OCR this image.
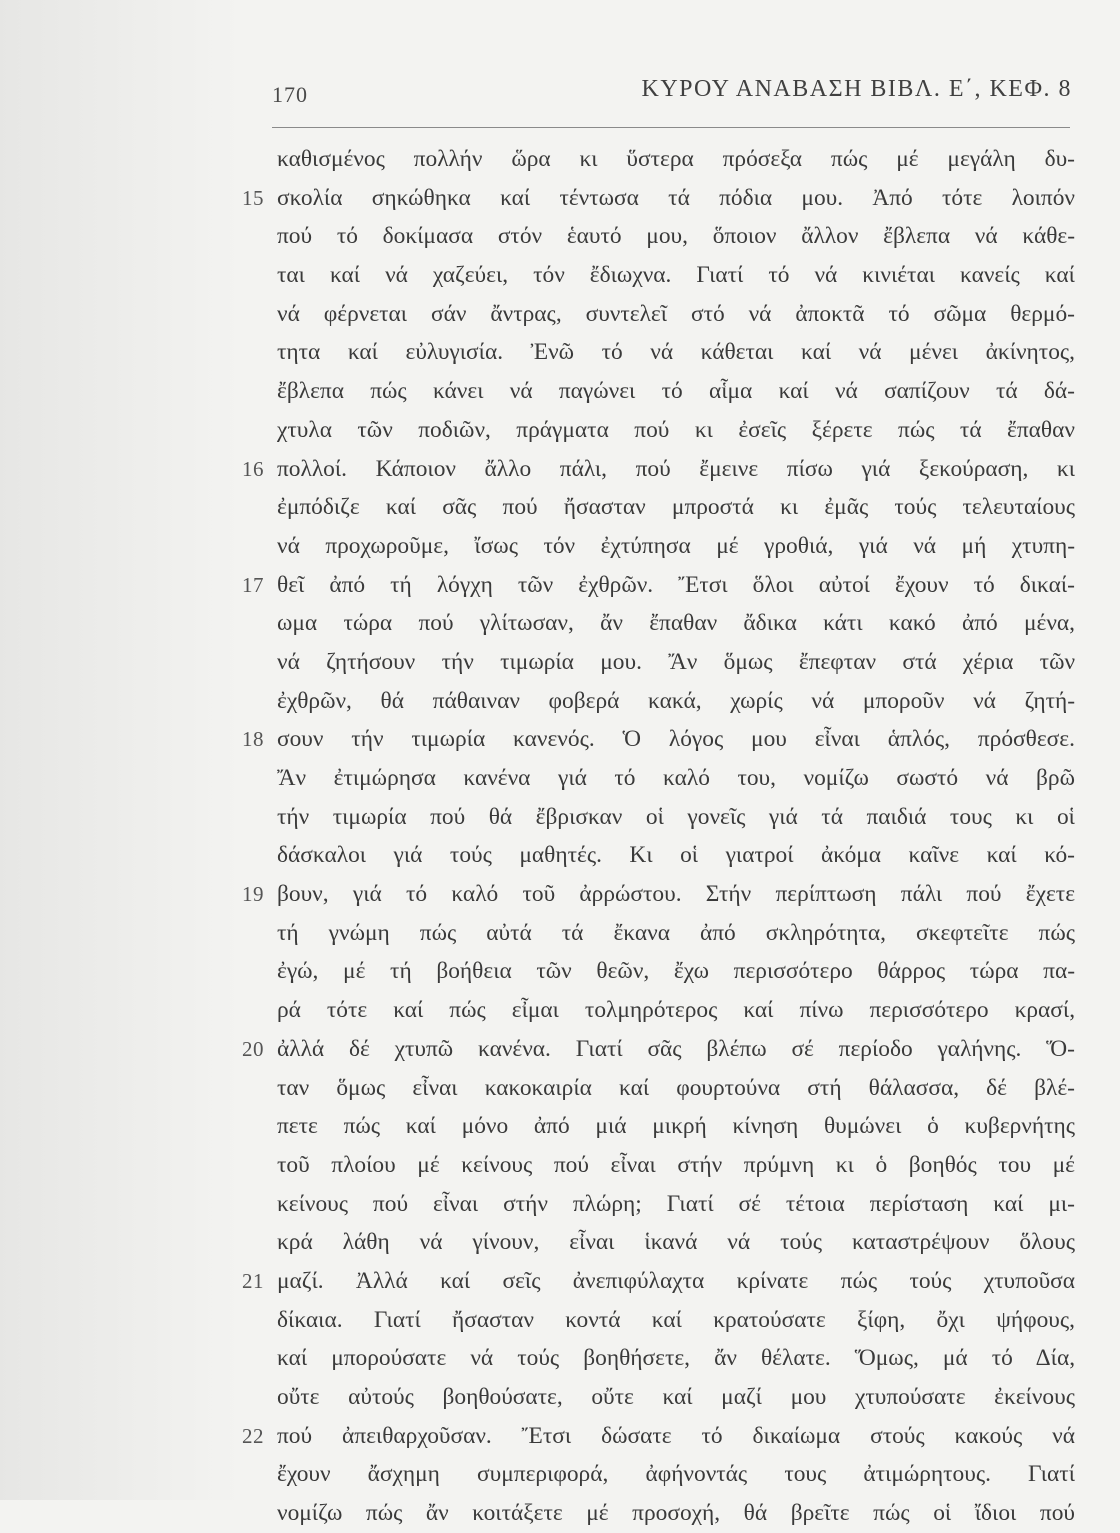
170	ΚΥΡΟΥ ΑΝΑΒΑΣΗ ΒΙΒΛ. Ε΄, ΚΕΦ. 8
καθισμένος πολλήν ὥρα κι ὕστερα πρόσεξα πώς μέ μεγάλη δυ-
15 σκολία σηκώθηκα καί τέντωσα τά πόδια μου. Ἀπό τότε λοιπόν
πού τό δοκίμασα στόν ἑαυτό μου, ὅποιον ἄλλον ἔβλεπα νά κάθε-
ται καί νά χαζεύει, τόν ἔδιωχνα. Γιατί τό νά κινιέται κανείς καί
νά φέρνεται σάν ἄντρας, συντελεῖ στό νά ἀποκτᾶ τό σῶμα θερμό-
τητα καί εὐλυγισία. Ἐνῶ τό νά κάθεται καί νά μένει ἀκίνητος,
ἔβλεπα πώς κάνει νά παγώνει τό αἷμα καί νά σαπίζουν τά δά-
χτυλα τῶν ποδιῶν, πράγματα πού κι ἐσεῖς ξέρετε πώς τά ἔπαθαν
16 πολλοί. Κάποιον ἄλλο πάλι, πού ἔμεινε πίσω γιά ξεκούραση, κι
ἐμπόδιζε καί σᾶς πού ἤσασταν μπροστά κι ἐμᾶς τούς τελευταίους
νά προχωροῦμε, ἴσως τόν ἐχτύπησα μέ γροθιά, γιά νά μή χτυπη-
17 θεῖ ἀπό τή λόγχη τῶν ἐχθρῶν. Ἔτσι ὅλοι αὐτοί ἔχουν τό δικαί-
ωμα τώρα πού γλίτωσαν, ἄν ἔπαθαν ἄδικα κάτι κακό ἀπό μένα,
νά ζητήσουν τήν τιμωρία μου. Ἄν ὅμως ἔπεφταν στά χέρια τῶν
ἐχθρῶν, θά πάθαιναν φοβερά κακά, χωρίς νά μποροῦν νά ζητή-
18 σουν τήν τιμωρία κανενός. Ὁ λόγος μου εἶναι ἁπλός, πρόσθεσε.
Ἄν ἐτιμώρησα κανένα γιά τό καλό του, νομίζω σωστό νά βρῶ
τήν τιμωρία πού θά ἔβρισκαν οἱ γονεῖς γιά τά παιδιά τους κι οἱ
δάσκαλοι γιά τούς μαθητές. Κι οἱ γιατροί ἀκόμα καῖνε καί κό-
19 βουν, γιά τό καλό τοῦ ἀρρώστου. Στήν περίπτωση πάλι πού ἔχετε
τή γνώμη πώς αὐτά τά ἔκανα ἀπό σκληρότητα, σκεφτεῖτε πώς
ἐγώ, μέ τή βοήθεια τῶν θεῶν, ἔχω περισσότερο θάρρος τώρα πα-
ρά τότε καί πώς εἶμαι τολμηρότερος καί πίνω περισσότερο κρασί,
20 ἀλλά δέ χτυπῶ κανένα. Γιατί σᾶς βλέπω σέ περίοδο γαλήνης. Ὅ-
ταν ὅμως εἶναι κακοκαιρία καί φουρτούνα στή θάλασσα, δέ βλέ-
πετε πώς καί μόνο ἀπό μιά μικρή κίνηση θυμώνει ὁ κυβερνήτης
τοῦ πλοίου μέ κείνους πού εἶναι στήν πρύμνη κι ὁ βοηθός του μέ
κείνους πού εἶναι στήν πλώρη; Γιατί σέ τέτοια περίσταση καί μι-
κρά λάθη νά γίνουν, εἶναι ἱκανά νά τούς καταστρέψουν ὅλους
21 μαζί. Ἀλλά καί σεῖς ἀνεπιφύλαχτα κρίνατε πώς τούς χτυποῦσα
δίκαια. Γιατί ἤσασταν κοντά καί κρατούσατε ξίφη, ὄχι ψήφους,
καί μπορούσατε νά τούς βοηθήσετε, ἄν θέλατε. Ὅμως, μά τό Δία,
οὔτε αὐτούς βοηθούσατε, οὔτε καί μαζί μου χτυπούσατε ἐκείνους
22 πού ἀπειθαρχοῦσαν. Ἔτσι δώσατε τό δικαίωμα στούς κακούς νά
ἔχουν ἄσχημη συμπεριφορά, ἀφήνοντάς τους ἀτιμώρητους. Γιατί
νομίζω πώς ἄν κοιτάξετε μέ προσοχή, θά βρεῖτε πώς οἱ ἴδιοι πού
